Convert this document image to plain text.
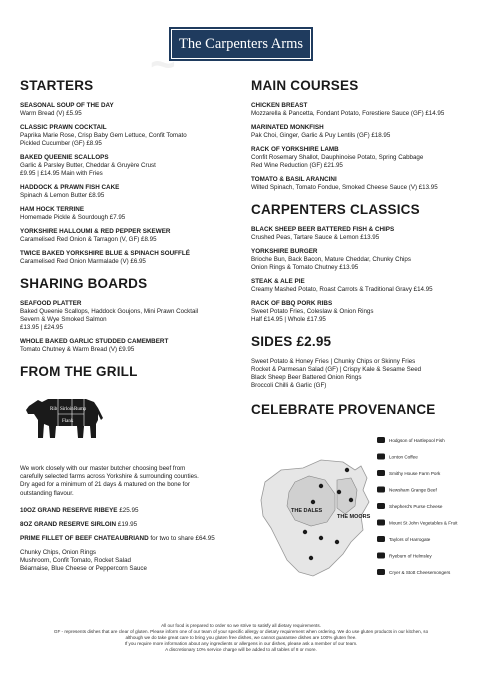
The Carpenters Arms
STARTERS
SEASONAL SOUP OF THE DAY
Warm Bread (V) £5.95
CLASSIC PRAWN COCKTAIL
Paprika Marie Rose, Crisp Baby Gem Lettuce, Confit Tomato
Pickled Cucumber (GF) £8.95
BAKED QUEENIE SCALLOPS
Garlic & Parsley Butter, Cheddar & Gruyère Crust
£9.95 | £14.95 Main with Fries
HADDOCK & PRAWN FISH CAKE
Spinach & Lemon Butter £8.95
HAM HOCK TERRINE
Homemade Pickle & Sourdough £7.95
YORKSHIRE HALLOUMI & RED PEPPER SKEWER
Caramelised Red Onion & Tarragon (V, GF) £8.95
TWICE BAKED YORKSHIRE BLUE & SPINACH SOUFFLÉ
Caramelised Red Onion Marmalade (V) £6.95
SHARING BOARDS
SEAFOOD PLATTER
Baked Queenie Scallops, Haddock Goujons, Mini Prawn Cocktail
Severn & Wye Smoked Salmon
£13.95 | £24.95
WHOLE BAKED GARLIC STUDDED CAMEMBERT
Tomato Chutney & Warm Bread (V) £9.95
FROM THE GRILL
Rib Sirloin Rump
Flank
We work closely with our master butcher choosing beef from
carefully selected farms across Yorkshire & surrounding counties.
Dry aged for a minimum of 21 days & matured on the bone for
outstanding flavour.
10OZ GRAND RESERVE RIBEYE £25.95
8OZ GRAND RESERVE SIRLOIN £19.95
PRIME FILLET OF BEEF CHATEAUBRIAND for two to share £64.95
Chunky Chips, Onion Rings
Mushroom, Confit Tomato, Rocket Salad
Béarnaise, Blue Cheese or Peppercorn Sauce
MAIN COURSES
CHICKEN BREAST
Mozzarella & Pancetta, Fondant Potato, Forestiere Sauce (GF) £14.95
MARINATED MONKFISH
Pak Choi, Ginger, Garlic & Puy Lentils (GF) £18.95
RACK OF YORKSHIRE LAMB
Confit Rosemary Shallot, Dauphinoise Potato, Spring Cabbage
Red Wine Reduction (GF) £21.95
TOMATO & BASIL ARANCINI
Wilted Spinach, Tomato Fondue, Smoked Cheese Sauce (V) £13.95
CARPENTERS CLASSICS
BLACK SHEEP BEER BATTERED FISH & CHIPS
Crushed Peas, Tartare Sauce & Lemon £13.95
YORKSHIRE BURGER
Brioche Bun, Back Bacon, Mature Cheddar, Chunky Chips
Onion Rings & Tomato Chutney £13.95
STEAK & ALE PIE
Creamy Mashed Potato, Roast Carrots & Traditional Gravy £14.95
RACK OF BBQ PORK RIBS
Sweet Potato Fries, Coleslaw & Onion Rings
Half £14.95 | Whole £17.95
SIDES £2.95
Sweet Potato & Honey Fries | Chunky Chips or Skinny Fries
Rocket & Parmesan Salad (GF) | Crispy Kale & Sesame Seed
Black Sheep Beer Battered Onion Rings
Broccoli Chilli & Garlic (GF)
CELEBRATE PROVENANCE
THE DALES
THE MOORS
Hodgson of Hartlepool Fish
Lonton Coffee
Smithy House Farm Pork
Newsham Grange Beef
Shepherd's Purse Cheese
Mount St John Vegetables & Fruit
Taylors of Harrogate
Ryeburn of Helmsley
Cryer & Stott Cheesemongers
All our food is prepared to order so we strive to satisfy all dietary requirements.
GF - represents dishes that are clear of gluten. Please inform one of our team of your specific allergy or dietary requirement when ordering. We do use gluten products in our kitchen, so
although we do take great care to bring you gluten free dishes, we cannot guarantee dishes are 100% gluten free.
If you require more information about any ingredients or allergens in our dishes, please ask a member of our team.
A discretionary 10% service charge will be added to all tables of 8 or more.
~
